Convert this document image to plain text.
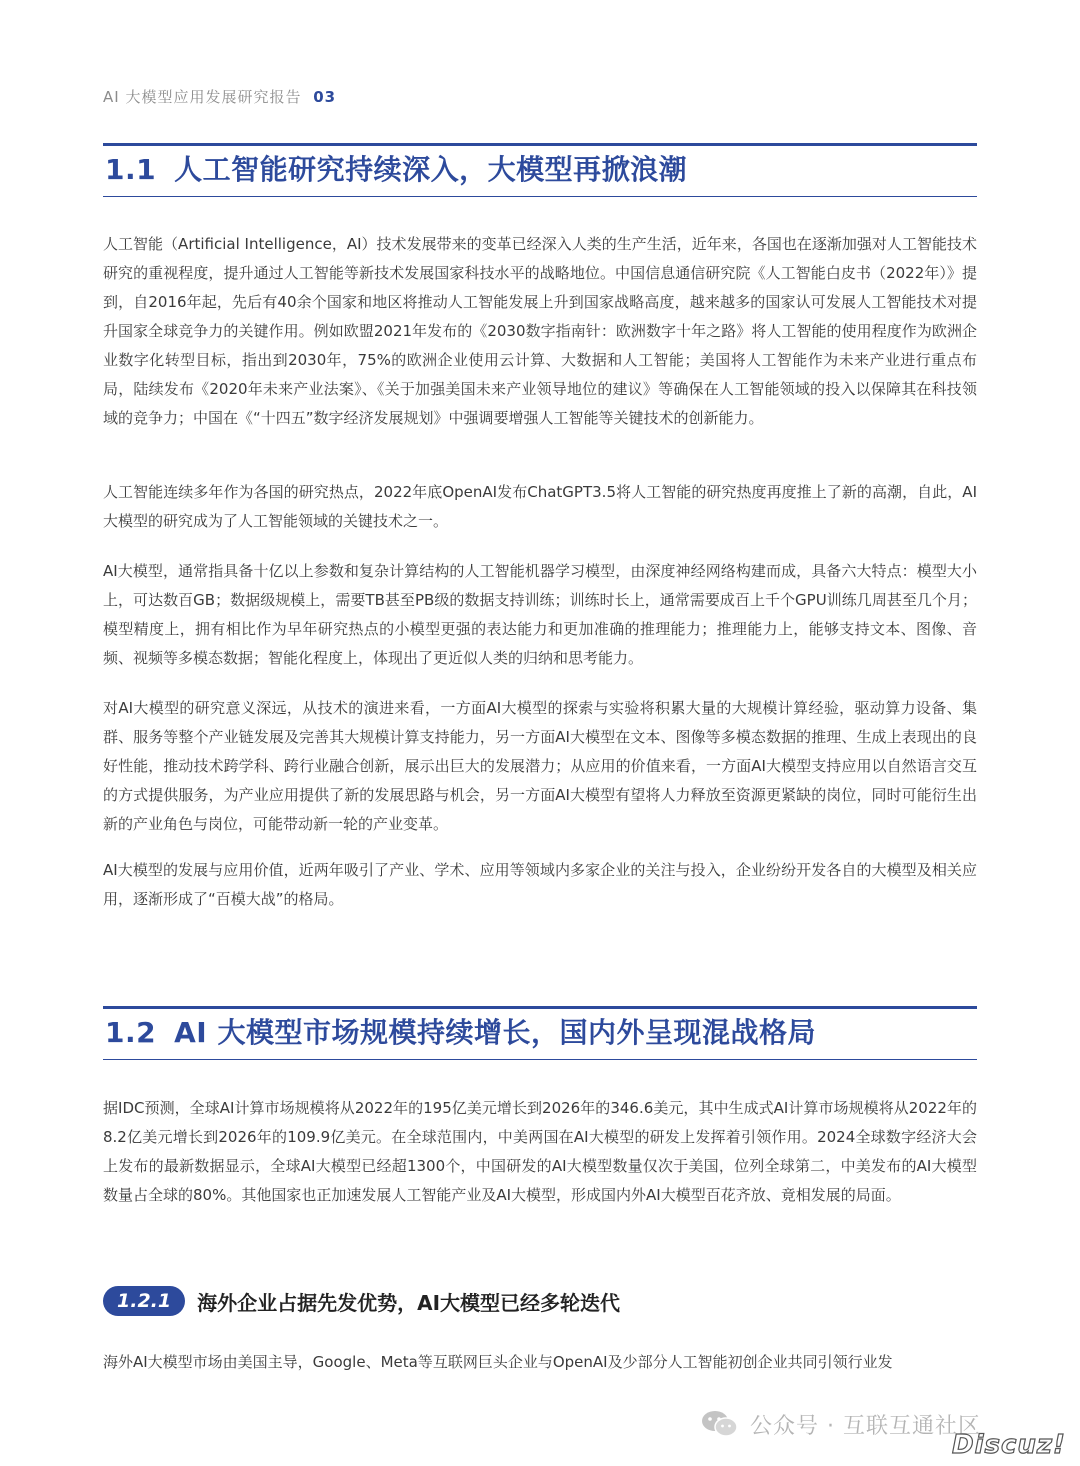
AI 大模型应用发展研究报告 03
1.1 人工智能研究持续深入，大模型再掀浪潮

人工智能（Artificial Intelligence，AI）技术发展带来的变革已经深入人类的生产生活，近年来，各国也在逐渐加强对人工智能技术研究的重视程度，提升通过人工智能等新技术发展国家科技水平的战略地位。中国信息通信研究院《人工智能白皮书（2022年）》提到，自2016年起，先后有40余个国家和地区将推动人工智能发展上升到国家战略高度，越来越多的国家认可发展人工智能技术对提升国家全球竞争力的关键作用。例如欧盟2021年发布的《2030数字指南针：欧洲数字十年之路》将人工智能的使用程度作为欧洲企业数字化转型目标，指出到2030年，75%的欧洲企业使用云计算、大数据和人工智能；美国将人工智能作为未来产业进行重点布局，陆续发布《2020年未来产业法案》、《关于加强美国未来产业领导地位的建议》等确保在人工智能领域的投入以保障其在科技领域的竞争力；中国在《“十四五”数字经济发展规划》中强调要增强人工智能等关键技术的创新能力。

人工智能连续多年作为各国的研究热点，2022年底OpenAI发布ChatGPT3.5将人工智能的研究热度再度推上了新的高潮，自此，AI大模型的研究成为了人工智能领域的关键技术之一。

AI大模型，通常指具备十亿以上参数和复杂计算结构的人工智能机器学习模型，由深度神经网络构建而成，具备六大特点：模型大小上，可达数百GB；数据级规模上，需要TB甚至PB级的数据支持训练；训练时长上，通常需要成百上千个GPU训练几周甚至几个月；模型精度上，拥有相比作为早年研究热点的小模型更强的表达能力和更加准确的推理能力；推理能力上，能够支持文本、图像、音频、视频等多模态数据；智能化程度上，体现出了更近似人类的归纳和思考能力。

对AI大模型的研究意义深远，从技术的演进来看，一方面AI大模型的探索与实验将积累大量的大规模计算经验，驱动算力设备、集群、服务等整个产业链发展及完善其大规模计算支持能力，另一方面AI大模型在文本、图像等多模态数据的推理、生成上表现出的良好性能，推动技术跨学科、跨行业融合创新，展示出巨大的发展潜力；从应用的价值来看，一方面AI大模型支持应用以自然语言交互的方式提供服务，为产业应用提供了新的发展思路与机会，另一方面AI大模型有望将人力释放至资源更紧缺的岗位，同时可能衍生出新的产业角色与岗位，可能带动新一轮的产业变革。

AI大模型的发展与应用价值，近两年吸引了产业、学术、应用等领域内多家企业的关注与投入，企业纷纷开发各自的大模型及相关应用，逐渐形成了“百模大战”的格局。

1.2 AI 大模型市场规模持续增长，国内外呈现混战格局

据IDC预测，全球AI计算市场规模将从2022年的195亿美元增长到2026年的346.6美元，其中生成式AI计算市场规模将从2022年的8.2亿美元增长到2026年的109.9亿美元。在全球范围内，中美两国在AI大模型的研发上发挥着引领作用。2024全球数字经济大会上发布的最新数据显示，全球AI大模型已经超1300个，中国研发的AI大模型数量仅次于美国，位列全球第二，中美发布的AI大模型数量占全球的80%。其他国家也正加速发展人工智能产业及AI大模型，形成国内外AI大模型百花齐放、竟相发展的局面。

1.2.1	海外企业占据先发优势，AI大模型已经多轮迭代

海外AI大模型市场由美国主导，Google、Meta等互联网巨头企业与OpenAI及少部分人工智能初创企业共同引领行业发

公众号 · 互联互通社区
Discuz!
